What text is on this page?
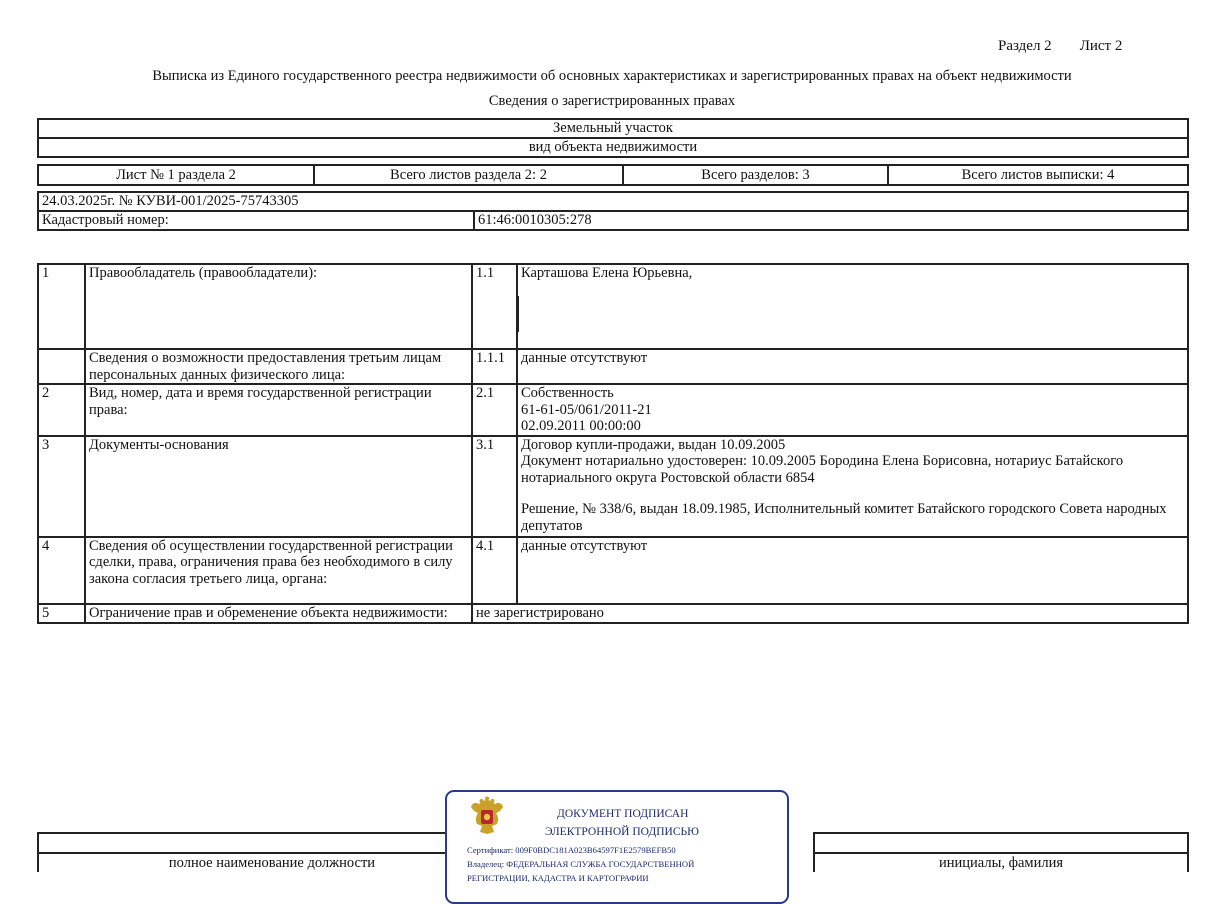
Раздел 2 Лист 2
Выписка из Единого государственного реестра недвижимости об основных характеристиках и зарегистрированных правах на объект недвижимости
Сведения о зарегистрированных правах
Земельный участок
вид объекта недвижимости
Лист № 1 раздела 2	Всего листов раздела 2: 2	Всего разделов: 3	Всего листов выписки: 4
24.03.2025г. № КУВИ-001/2025-75743305
Кадастровый номер:	61:46:0010305:278
1	Правообладатель (правообладатели):	1.1	Карташова Елена Юрьевна,
	Сведения о возможности предоставления третьим лицам персональных данных физического лица:	1.1.1	данные отсутствуют
2	Вид, номер, дата и время государственной регистрации права:	2.1	Собственность
61-61-05/061/2011-21
02.09.2011 00:00:00

3	Документы-основания	3.1	Договор купли-продажи, выдан 10.09.2005
Документ нотариально удостоверен: 10.09.2005 Бородина Елена Борисовна, нотариус Батайского нотариального округа Ростовской области 6854
Решение, № 338/6, выдан 18.09.1985, Исполнительный комитет Батайского городского Совета народных депутатов

4	Сведения об осуществлении государственной регистрации сделки, права, ограничения права без необходимого в силу закона согласия третьего лица, органа:	4.1	данные отсутствуют
5	Ограничение прав и обременение объекта недвижимости:	не зарегистрировано	

полное наименование должности		инициалы, фамилия
ДОКУМЕНТ ПОДПИСАН
ЭЛЕКТРОННОЙ ПОДПИСЬЮ
Сертификат: 009F0BDC181A023B64597F1E2579BEFB50
Владелец: ФЕДЕРАЛЬНАЯ СЛУЖБА ГОСУДАРСТВЕННОЙ
РЕГИСТРАЦИИ, КАДАСТРА И КАРТОГРАФИИ
